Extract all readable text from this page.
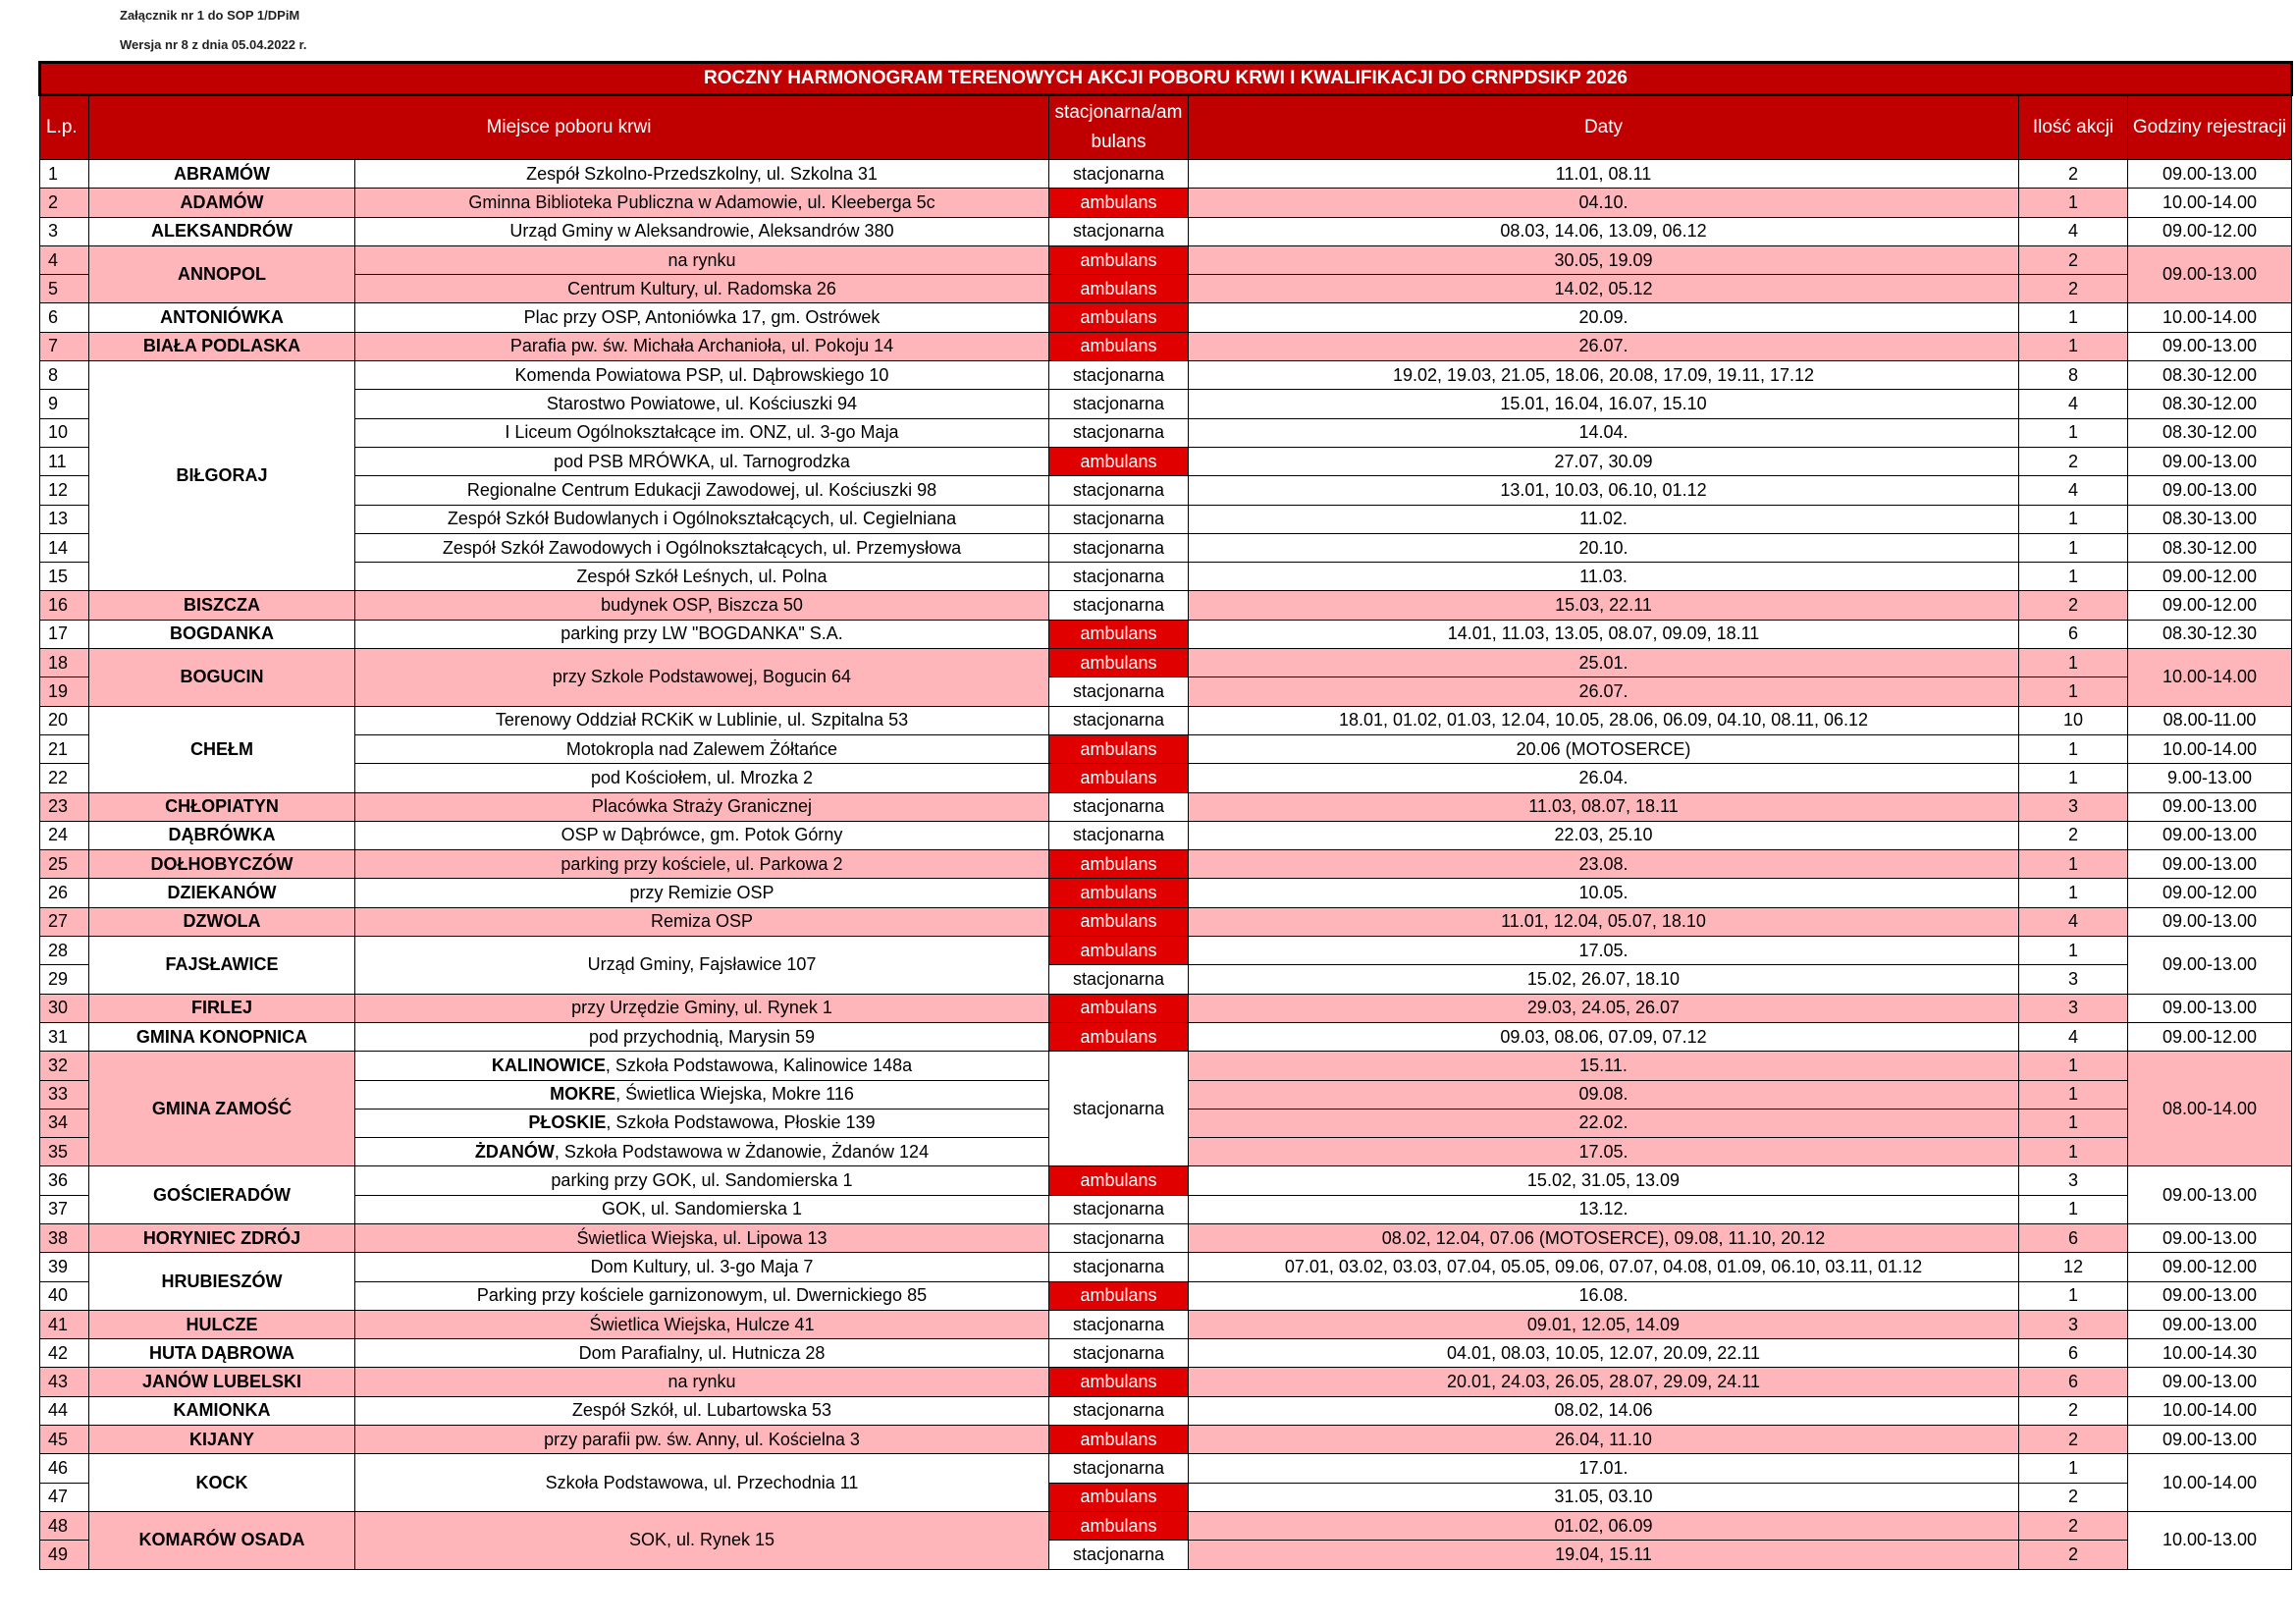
Załącznik nr 1 do SOP 1/DPiM
Wersja nr 8 z dnia 05.04.2022 r.
ROCZNY HARMONOGRAM TERENOWYCH AKCJI POBORU KRWI I KWALIFIKACJI DO CRNPDSIKP 2026						
L.p.	Miejsce poboru krwi		stacjonarna/ambulans	Daty	Ilość akcji	Godziny rejestracji
1	ABRAMÓW	Zespół Szkolno-Przedszkolny, ul. Szkolna 31	stacjonarna	11.01, 08.11	2	09.00-13.00
2	ADAMÓW	Gminna Biblioteka Publiczna w Adamowie, ul. Kleeberga 5c	ambulans	04.10.	1	10.00-14.00
3	ALEKSANDRÓW	Urząd Gminy w Aleksandrowie, Aleksandrów 380	stacjonarna	08.03, 14.06, 13.09, 06.12	4	09.00-12.00
4	ANNOPOL	na rynku	ambulans	30.05, 19.09	2	09.00-13.00
5		Centrum Kultury, ul. Radomska 26	ambulans	14.02, 05.12	2	
6	ANTONIÓWKA	Plac przy OSP, Antoniówka 17, gm. Ostrówek	ambulans	20.09.	1	10.00-14.00
7	BIAŁA PODLASKA	Parafia pw. św. Michała Archanioła, ul. Pokoju 14	ambulans	26.07.	1	09.00-13.00
8	BIŁGORAJ	Komenda Powiatowa PSP, ul. Dąbrowskiego 10	stacjonarna	19.02, 19.03, 21.05, 18.06, 20.08, 17.09, 19.11, 17.12	8	08.30-12.00
9		Starostwo Powiatowe, ul. Kościuszki 94	stacjonarna	15.01, 16.04, 16.07, 15.10	4	08.30-12.00
10		I Liceum Ogólnokształcące im. ONZ, ul. 3-go Maja	stacjonarna	14.04.	1	08.30-12.00
11		pod PSB MRÓWKA, ul. Tarnogrodzka	ambulans	27.07, 30.09	2	09.00-13.00
12		Regionalne Centrum Edukacji Zawodowej, ul. Kościuszki 98	stacjonarna	13.01, 10.03, 06.10, 01.12	4	09.00-13.00
13		Zespół Szkół Budowlanych i Ogólnokształcących, ul. Cegielniana	stacjonarna	11.02.	1	08.30-13.00
14		Zespół Szkół Zawodowych i Ogólnokształcących, ul. Przemysłowa	stacjonarna	20.10.	1	08.30-12.00
15		Zespół Szkół Leśnych, ul. Polna	stacjonarna	11.03.	1	09.00-12.00
16	BISZCZA	budynek OSP, Biszcza 50	stacjonarna	15.03, 22.11	2	09.00-12.00
17	BOGDANKA	parking przy LW "BOGDANKA" S.A.	ambulans	14.01, 11.03, 13.05, 08.07, 09.09, 18.11	6	08.30-12.30
18	BOGUCIN	przy Szkole Podstawowej, Bogucin 64	ambulans	25.01.	1	10.00-14.00
19			stacjonarna	26.07.	1	
20	CHEŁM	Terenowy Oddział RCKiK w Lublinie, ul. Szpitalna 53	stacjonarna	18.01, 01.02, 01.03, 12.04, 10.05, 28.06, 06.09, 04.10, 08.11, 06.12	10	08.00-11.00
21		Motokropla nad Zalewem Żółtańce	ambulans	20.06 (MOTOSERCE)	1	10.00-14.00
22		pod Kościołem, ul. Mrozka 2	ambulans	26.04.	1	9.00-13.00
23	CHŁOPIATYN	Placówka Straży Granicznej	stacjonarna	11.03, 08.07, 18.11	3	09.00-13.00
24	DĄBRÓWKA	OSP w Dąbrówce, gm. Potok Górny	stacjonarna	22.03, 25.10	2	09.00-13.00
25	DOŁHOBYCZÓW	parking przy kościele, ul. Parkowa 2	ambulans	23.08.	1	09.00-13.00
26	DZIEKANÓW	przy Remizie OSP	ambulans	10.05.	1	09.00-12.00
27	DZWOLA	Remiza OSP	ambulans	11.01, 12.04, 05.07, 18.10	4	09.00-13.00
28	FAJSŁAWICE	Urząd Gminy, Fajsławice 107	ambulans	17.05.	1	09.00-13.00
29			stacjonarna	15.02, 26.07, 18.10	3	
30	FIRLEJ	przy Urzędzie Gminy, ul. Rynek 1	ambulans	29.03, 24.05, 26.07	3	09.00-13.00
31	GMINA KONOPNICA	pod przychodnią, Marysin 59	ambulans	09.03, 08.06, 07.09, 07.12	4	09.00-12.00
32	GMINA ZAMOŚĆ	KALINOWICE, Szkoła Podstawowa, Kalinowice 148a	stacjonarna	15.11.	1	08.00-14.00
33		MOKRE, Świetlica Wiejska, Mokre 116		09.08.	1	
34		PŁOSKIE, Szkoła Podstawowa, Płoskie 139		22.02.	1	
35		ŻDANÓW, Szkoła Podstawowa w Żdanowie, Żdanów 124		17.05.	1	
36	GOŚCIERADÓW	parking przy GOK, ul. Sandomierska 1	ambulans	15.02, 31.05, 13.09	3	09.00-13.00
37		GOK, ul. Sandomierska 1	stacjonarna	13.12.	1	
38	HORYNIEC ZDRÓJ	Świetlica Wiejska, ul. Lipowa 13	stacjonarna	08.02, 12.04, 07.06 (MOTOSERCE), 09.08, 11.10, 20.12	6	09.00-13.00
39	HRUBIESZÓW	Dom Kultury, ul. 3-go Maja 7	stacjonarna	07.01, 03.02, 03.03, 07.04, 05.05, 09.06, 07.07, 04.08, 01.09, 06.10, 03.11, 01.12	12	09.00-12.00
40		Parking przy kościele garnizonowym, ul. Dwernickiego 85	ambulans	16.08.	1	09.00-13.00
41	HULCZE	Świetlica Wiejska, Hulcze 41	stacjonarna	09.01, 12.05, 14.09	3	09.00-13.00
42	HUTA DĄBROWA	Dom Parafialny, ul. Hutnicza 28	stacjonarna	04.01, 08.03, 10.05, 12.07, 20.09, 22.11	6	10.00-14.30
43	JANÓW LUBELSKI	na rynku	ambulans	20.01, 24.03, 26.05, 28.07, 29.09, 24.11	6	09.00-13.00
44	KAMIONKA	Zespół Szkół, ul. Lubartowska 53	stacjonarna	08.02, 14.06	2	10.00-14.00
45	KIJANY	przy parafii pw. św. Anny, ul. Kościelna 3	ambulans	26.04, 11.10	2	09.00-13.00
46	KOCK	Szkoła Podstawowa, ul. Przechodnia 11	stacjonarna	17.01.	1	10.00-14.00
47			ambulans	31.05, 03.10	2	
48	KOMARÓW OSADA	SOK, ul. Rynek 15	ambulans	01.02, 06.09	2	10.00-13.00
49			stacjonarna	19.04, 15.11	2	
